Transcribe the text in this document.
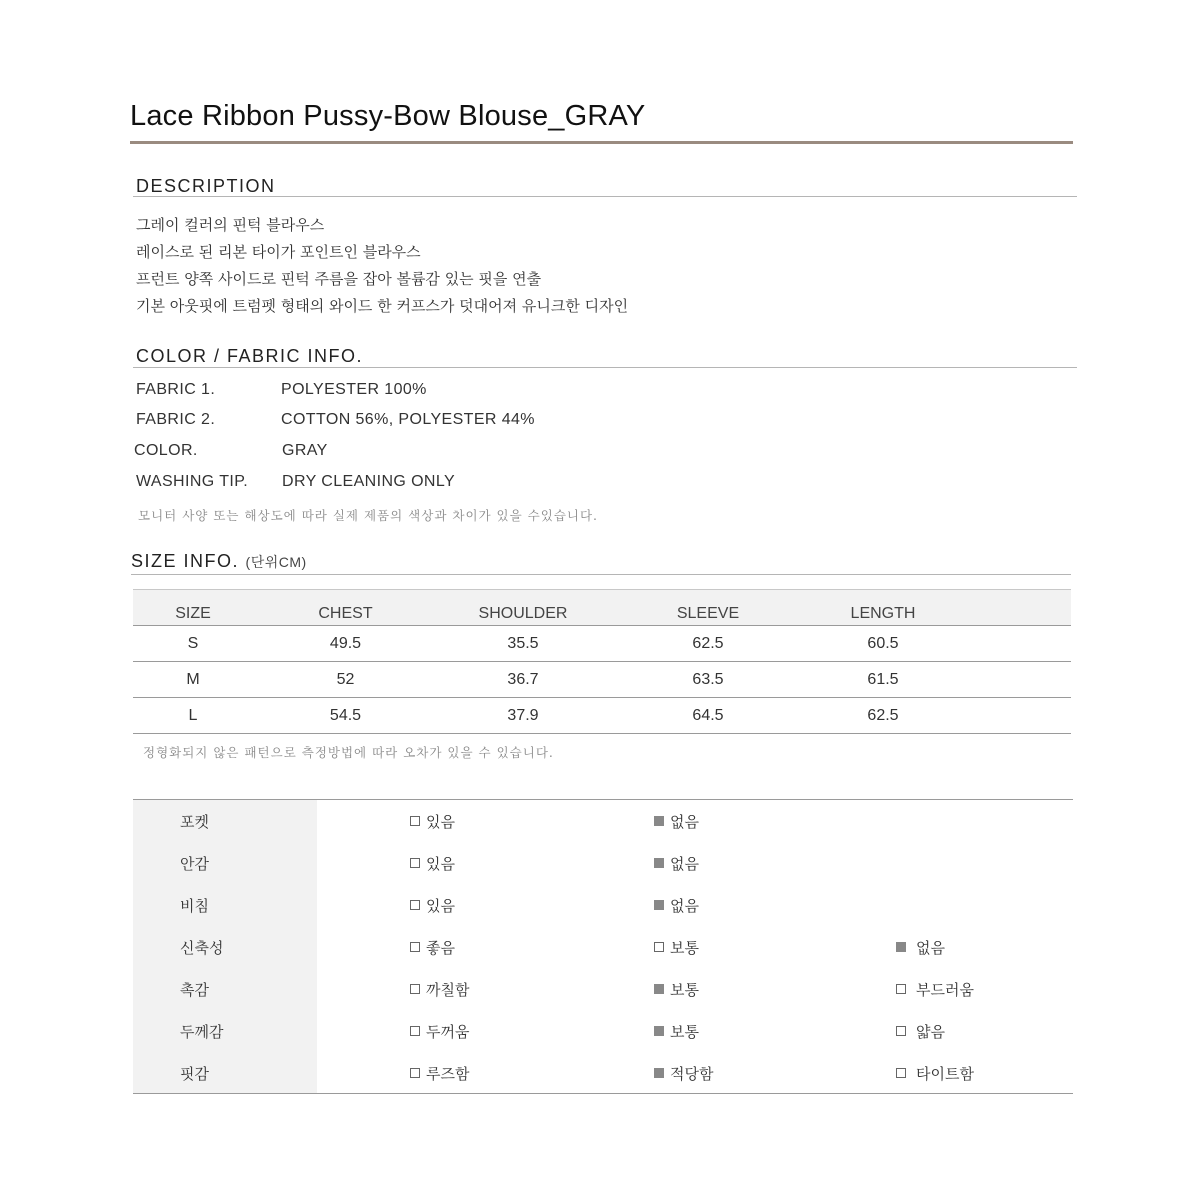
Lace Ribbon Pussy-Bow Blouse_GRAY
DESCRIPTION
그레이 컬러의 핀턱 블라우스
레이스로 된 리본 타이가 포인트인 블라우스
프런트 양쪽 사이드로 핀턱 주름을 잡아 볼륨감 있는 핏을 연출
기본 아웃핏에 트럼펫 형태의 와이드 한 커프스가 덧대어져 유니크한 디자인
COLOR / FABRIC INFO.
FABRIC 1.	POLYESTER 100%
FABRIC 2.	COTTON 56%, POLYESTER 44%
COLOR.	GRAY
WASHING TIP. DRY CLEANING ONLY
모니터 사양 또는 해상도에 따라 실제 제품의 색상과 차이가 있을 수있습니다.
SIZE INFO. (단위CM)
SIZE	CHEST	SHOULDER	SLEEVE	LENGTH
S	49.5	35.5	62.5	60.5
M	52	36.7	63.5	61.5
L	54.5	37.9	64.5	62.5
정형화되지 않은 패턴으로 측정방법에 따라 오차가 있을 수 있습니다.
포켓	있음	없음
안감	있음	없음
비침	있음	없음
신축성	좋음	보통	없음
촉감	까칠함	보통	부드러움
두께감	두꺼움	보통	얇음
핏감	루즈함	적당함	타이트함
